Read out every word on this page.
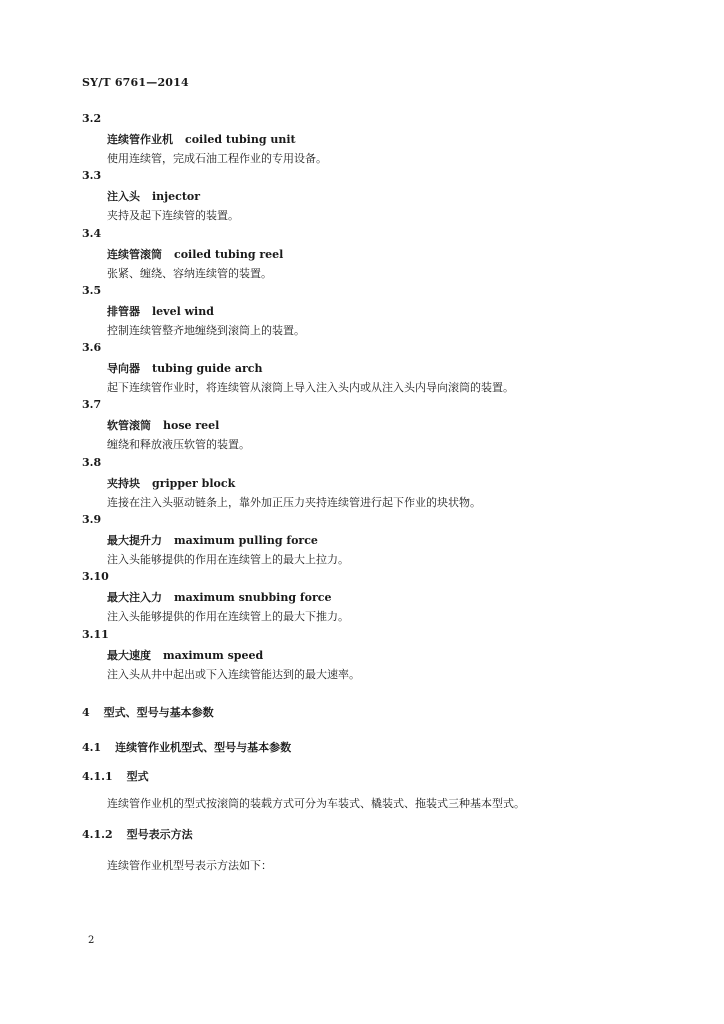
SY/T 6761—2014
3.2
连续管作业机 coiled tubing unit
使用连续管，完成石油工程作业的专用设备。
3.3
注入头 injector
夹持及起下连续管的装置。
3.4
连续管滚筒 coiled tubing reel
张紧、缠绕、容纳连续管的装置。
3.5
排管器 level wind
控制连续管整齐地缠绕到滚筒上的装置。
3.6
导向器 tubing guide arch
起下连续管作业时，将连续管从滚筒上导入注入头内或从注入头内导向滚筒的装置。
3.7
软管滚筒 hose reel
缠绕和释放液压软管的装置。
3.8
夹持块 gripper block
连接在注入头驱动链条上，靠外加正压力夹持连续管进行起下作业的块状物。
3.9
最大提升力 maximum pulling force
注入头能够提供的作用在连续管上的最大上拉力。
3.10
最大注入力 maximum snubbing force
注入头能够提供的作用在连续管上的最大下推力。
3.11
最大速度 maximum speed
注入头从井中起出或下入连续管能达到的最大速率。
4 型式、型号与基本参数
4.1 连续管作业机型式、型号与基本参数
4.1.1 型式
连续管作业机的型式按滚筒的装载方式可分为车装式、橇装式、拖装式三种基本型式。
4.1.2 型号表示方法
连续管作业机型号表示方法如下：
2
